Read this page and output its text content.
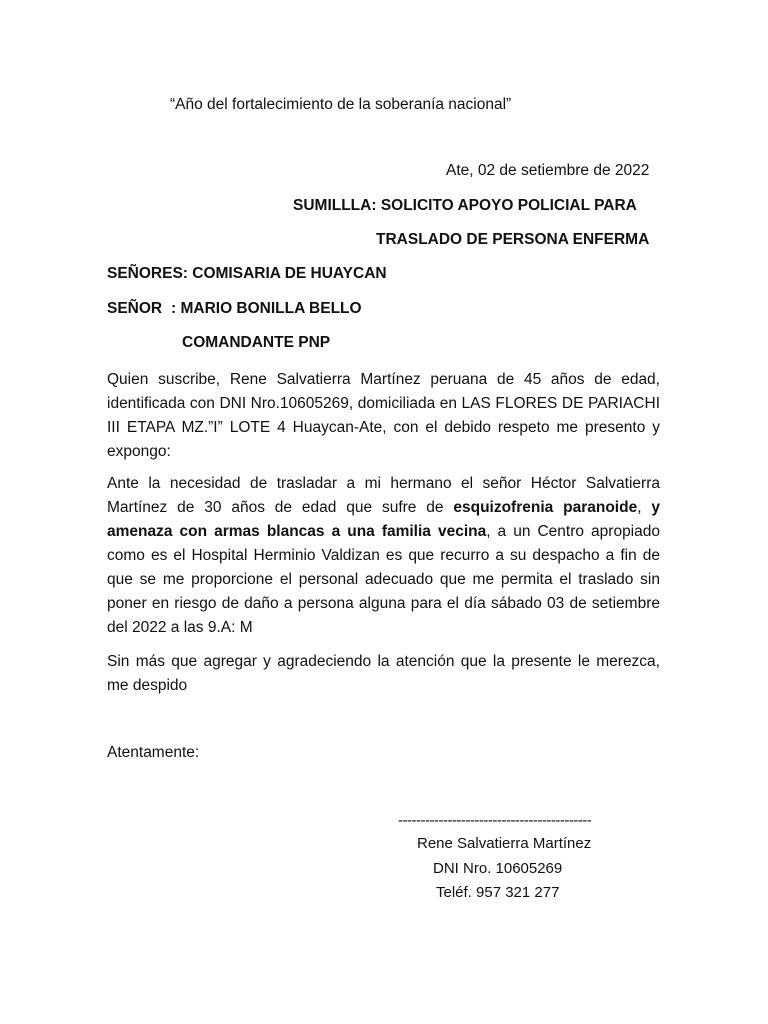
“Año del fortalecimiento de la soberanía nacional”
Ate, 02 de setiembre de 2022
SUMILLLA: SOLICITO APOYO POLICIAL PARA
TRASLADO DE PERSONA ENFERMA
SEÑORES: COMISARIA DE HUAYCAN
SEÑOR : MARIO BONILLA BELLO
COMANDANTE PNP

Quien suscribe, Rene Salvatierra Martínez peruana de 45 años de edad, identificada con DNI Nro.10605269, domiciliada en LAS FLORES DE PARIACHI III ETAPA MZ.”I” LOTE 4 Huaycan-Ate, con el debido respeto me presento y expongo:

Ante la necesidad de trasladar a mi hermano el señor Héctor Salvatierra Martínez de 30 años de edad que sufre de esquizofrenia paranoide, y amenaza con armas blancas a una familia vecina, a un Centro apropiado como es el Hospital Herminio Valdizan es que recurro a su despacho a fin de que se me proporcione el personal adecuado que me permita el traslado sin poner en riesgo de daño a persona alguna para el día sábado 03 de setiembre del 2022 a las 9.A: M

Sin más que agregar y agradeciendo la atención que la presente le merezca, me despido

Atentamente:
-------------------------------------------
Rene Salvatierra Martínez
DNI Nro. 10605269
Teléf. 957 321 277
